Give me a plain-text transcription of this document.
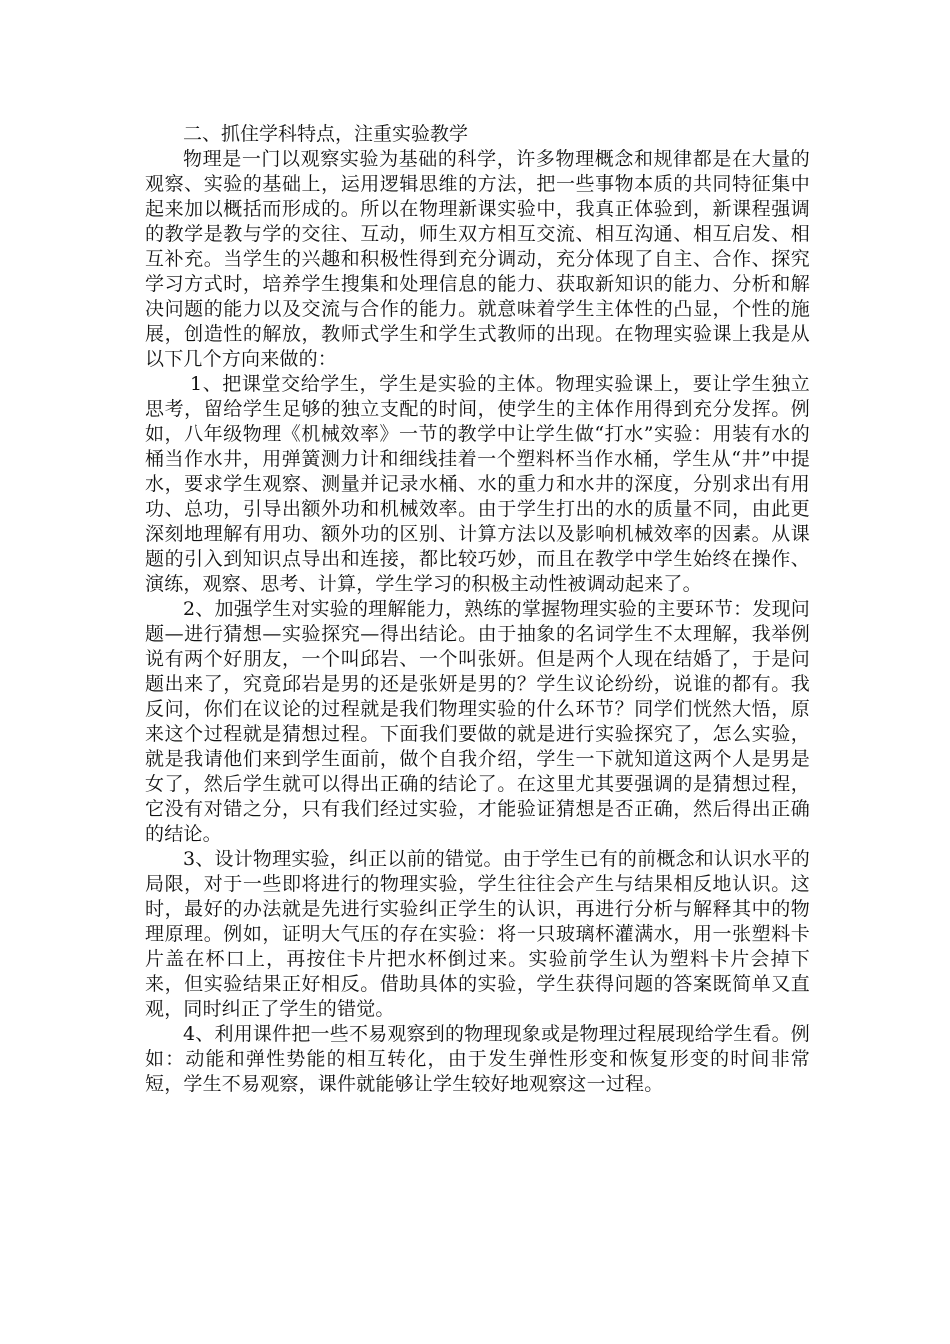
二、抓住学科特点，注重实验教学

物理是一门以观察实验为基础的科学，许多物理概念和规律都是在大量的观察、实验的基础上，运用逻辑思维的方法，把一些事物本质的共同特征集中起来加以概括而形成的。所以在物理新课实验中，我真正体验到，新课程强调的教学是教与学的交往、互动，师生双方相互交流、相互沟通、相互启发、相互补充。当学生的兴趣和积极性得到充分调动，充分体现了自主、合作、探究学习方式时，培养学生搜集和处理信息的能力、获取新知识的能力、分析和解决问题的能力以及交流与合作的能力。就意味着学生主体性的凸显，个性的施展，创造性的解放，教师式学生和学生式教师的出现。在物理实验课上我是从以下几个方向来做的：

1、把课堂交给学生，学生是实验的主体。物理实验课上，要让学生独立思考，留给学生足够的独立支配的时间，使学生的主体作用得到充分发挥。例如，八年级物理《机械效率》一节的教学中让学生做“打水”实验：用装有水的桶当作水井，用弹簧测力计和细线挂着一个塑料杯当作水桶，学生从“井”中提水，要求学生观察、测量并记录水桶、水的重力和水井的深度，分别求出有用功、总功，引导出额外功和机械效率。由于学生打出的水的质量不同，由此更深刻地理解有用功、额外功的区别、计算方法以及影响机械效率的因素。从课题的引入到知识点导出和连接，都比较巧妙，而且在教学中学生始终在操作、演练，观察、思考、计算，学生学习的积极主动性被调动起来了。

2、加强学生对实验的理解能力，熟练的掌握物理实验的主要环节：发现问题—进行猜想—实验探究—得出结论。由于抽象的名词学生不太理解，我举例说有两个好朋友，一个叫邱岩、一个叫张妍。但是两个人现在结婚了，于是问题出来了，究竟邱岩是男的还是张妍是男的？学生议论纷纷，说谁的都有。我反问，你们在议论的过程就是我们物理实验的什么环节？同学们恍然大悟，原来这个过程就是猜想过程。下面我们要做的就是进行实验探究了，怎么实验，就是我请他们来到学生面前，做个自我介绍，学生一下就知道这两个人是男是女了，然后学生就可以得出正确的结论了。在这里尤其要强调的是猜想过程，它没有对错之分，只有我们经过实验，才能验证猜想是否正确，然后得出正确的结论。

3、设计物理实验，纠正以前的错觉。由于学生已有的前概念和认识水平的局限，对于一些即将进行的物理实验，学生往往会产生与结果相反地认识。这时，最好的办法就是先进行实验纠正学生的认识，再进行分析与解释其中的物理原理。例如，证明大气压的存在实验：将一只玻璃杯灌满水，用一张塑料卡片盖在杯口上，再按住卡片把水杯倒过来。实验前学生认为塑料卡片会掉下来，但实验结果正好相反。借助具体的实验，学生获得问题的答案既简单又直观，同时纠正了学生的错觉。

4、利用课件把一些不易观察到的物理现象或是物理过程展现给学生看。例如：动能和弹性势能的相互转化，由于发生弹性形变和恢复形变的时间非常短，学生不易观察，课件就能够让学生较好地观察这一过程。
